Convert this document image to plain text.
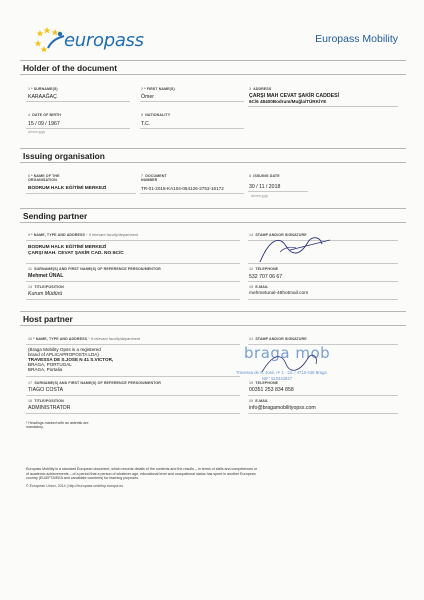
europass	Europass Mobility
Holder of the document
1* SURNAME(S)
KARAAĞAÇ
2* FIRST NAME(S)
Ömer
3 ADDRESS
ÇARŞI MAH CEVAT ŞAKİR CADDESİ
6C/6 48400Bodrum/Muğla/TÜRKİYE
4 DATE OF BIRTH
15 / 09 / 1967
dd mm yyyy
5 NATIONALITY
T.C.
Issuing organisation
6* NAME OF THE
ORGANISATION
BODRUM HALK EĞİTİMİ MERKEZİ
7 DOCUMENT
NUMBER
TR-01-2018-KA104-054126-2753-16172
8 ISSUING DATE
30 / 11 / 2018
dd mm yyyy
Sending partner
9* NAME, TYPE AND ADDRESS * If relevant faculty/department
BODRUM HALK EĞİTİMİ MERKEZİ
ÇARŞI MAH. CEVAT ŞAKİR CAD. NO:6C/C
14 STAMP AND/OR SIGNATURE
11 SURNAME(S) AND FIRST NAME(S) OF REFERENCE PERSON/MENTOR
Mehmet ÜNAL
12 TELEPHONE
532 707 06 67
13 TITLE/POSITION
Kurum Müdürü
15 E-MAIL
mehmetunal-48hotmail.com
Host partner
16* NAME, TYPE AND ADDRESS * If relevant faculty/department
(Braga Mobility Opss is a registered
brand of APLICAPROPOSTA LDA)
TRAVESSA DE S.JOSE N 41 S.VICTOR,
BRAGA, PORTUGAL
BRAGA, Portalia
21 STAMP AND/OR SIGNATURE
braga mob
Travessa de S. José, nº 1 - 2o. / 4710-438 Braga
NIF: 510442927
17 SURNAME(S) AND FIRST NAME(S) OF REFERENCE PERSON/MENTOR
TIAGO COSTA
19 TELEPHONE
00351 253 834 858
18 TITLE/POSITION
ADMINISTRATOR
20 E-MAIL
info@bragamobilityopss.com
* Headings marked with an asterisk are
mandatory.
Europass Mobility is a standard European document, which records details of the contents and the results – in terms of skills and competences or
of academic achievements – of a period that a person of whatever age, educational level and occupational status has spent in another European
country (EU/EFTA/EEA and candidate countries) for learning purposes.
© European Union, 2014 | http://europass.cedefop.europa.eu
